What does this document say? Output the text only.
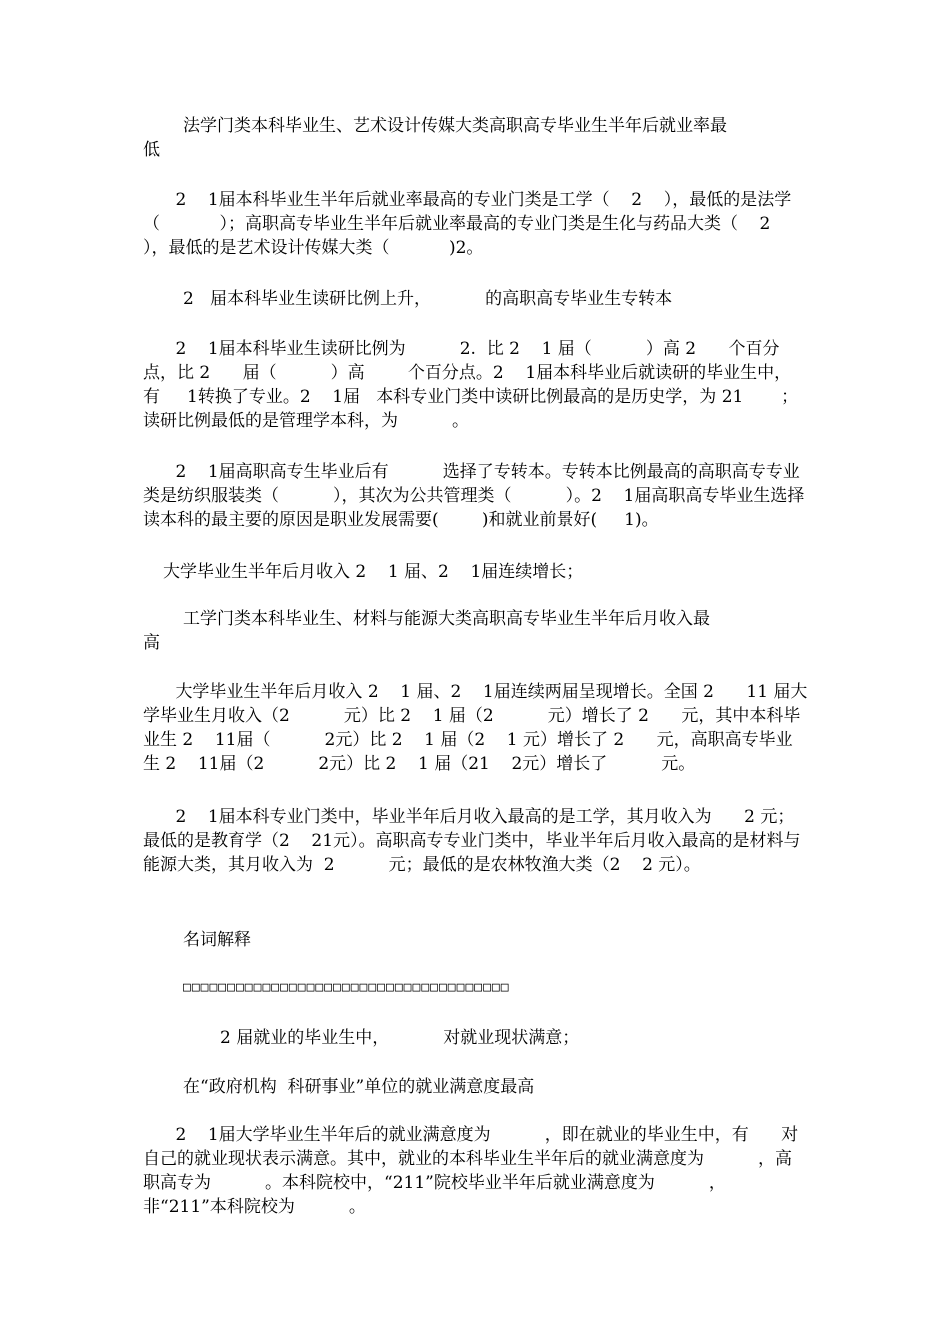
法学门类本科毕业生、艺术设计传媒大类高职高专毕业生半年后就业率最

低

2    1届本科毕业生半年后就业率最高的专业门类是工学（    2    ），最低的是法学（           ）；高职高专毕业生半年后就业率最高的专业门类是生化与药品大类（    2    ），最低的是艺术设计传媒大类（           )2。

2   届本科毕业生读研比例上升，          的高职高专毕业生专转本

2    1届本科毕业生读研比例为          2.  比 2    1 届（          ）高 2      个百分点，比 2      届（          ）高        个百分点。2    1届本科毕业后就读研的毕业生中，有     1转换了专业。2    1届   本科专业门类中读研比例最高的是历史学，为 21       ；读研比例最低的是管理学本科，为          。

2    1届高职高专生毕业后有          选择了专转本。专转本比例最高的高职高专专业类是纺织服装类（          ），其次为公共管理类（          ）。2    1届高职高专毕业生选择读本科的最主要的原因是职业发展需要(        )和就业前景好(     1)。

大学毕业生半年后月收入 2    1 届、2    1届连续增长；

工学门类本科毕业生、材料与能源大类高职高专毕业生半年后月收入最

高

大学毕业生半年后月收入 2    1 届、2    1届连续两届呈现增长。全国 2      11 届大学毕业生月收入（2          元）比 2    1 届（2          元）增长了 2      元，其中本科毕业生 2    11届（          2元）比 2    1 届（2    1 元）增长了 2      元，高职高专毕业生 2    11届（2          2元）比 2    1 届（21    2元）增长了          元。

2    1届本科专业门类中，毕业半年后月收入最高的是工学，其月收入为      2 元；最低的是教育学（2    21元）。高职高专专业门类中，毕业半年后月收入最高的是材料与能源大类，其月收入为  2          元；最低的是农林牧渔大类（2    2 元）。

名词解释

□□□□□□□□□□□□□□□□□□□□□□□□□□□□□□□□□□□□□

2 届就业的毕业生中，          对就业现状满意；

在“政府机构  科研事业”单位的就业满意度最高

2    1届大学毕业生半年后的就业满意度为          ，即在就业的毕业生中，有      对自己的就业现状表示满意。其中，就业的本科毕业生半年后的就业满意度为          ，高职高专为          。本科院校中，“211”院校毕业半年后就业满意度为          ，非“211”本科院校为          。
